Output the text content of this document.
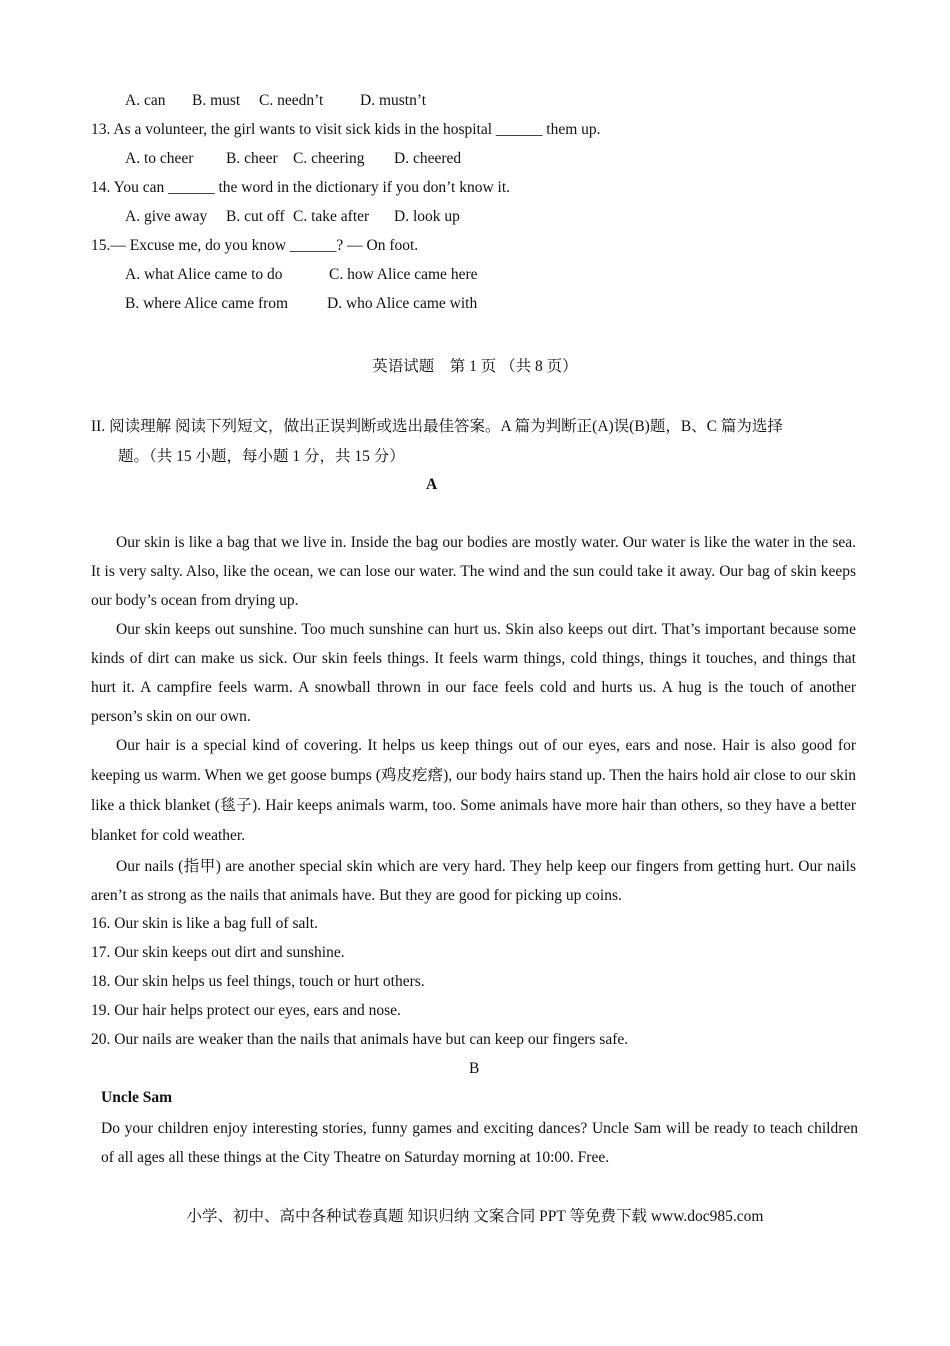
A. can B. must C. needn’t D. mustn’t
13. As a volunteer, the girl wants to visit sick kids in the hospital ______ them up.
A. to cheer B. cheer C. cheering D. cheered
14. You can ______ the word in the dictionary if you don’t know it.
A. give away B. cut off C. take after D. look up
15.— Excuse me, do you know ______? — On foot.
A. what Alice came to do	C. how Alice came here
B. where Alice came from	D. who Alice came with
英语试题　第 1 页 （共 8 页）
II. 阅读理解 阅读下列短文，做出正误判断或选出最佳答案。A 篇为判断正(A)误(B)题，B、C 篇为选择
题。（共 15 小题，每小题 1 分，共 15 分）
A
Our skin is like a bag that we live in. Inside the bag our bodies are mostly water. Our water is like the water in the sea. It is very salty. Also, like the ocean, we can lose our water. The wind and the sun could take it away. Our bag of skin keeps our body’s ocean from drying up.
Our skin keeps out sunshine. Too much sunshine can hurt us. Skin also keeps out dirt. That’s important because some kinds of dirt can make us sick. Our skin feels things. It feels warm things, cold things, things it touches, and things that hurt it. A campfire feels warm. A snowball thrown in our face feels cold and hurts us. A hug is the touch of another person’s skin on our own.
Our hair is a special kind of covering. It helps us keep things out of our eyes, ears and nose. Hair is also good for keeping us warm. When we get goose bumps (鸡皮疙瘩), our body hairs stand up. Then the hairs hold air close to our skin like a thick blanket (毯子). Hair keeps animals warm, too. Some animals have more hair than others, so they have a better blanket for cold weather.
Our nails (指甲) are another special skin which are very hard. They help keep our fingers from getting hurt. Our nails aren’t as strong as the nails that animals have. But they are good for picking up coins.
16. Our skin is like a bag full of salt.
17. Our skin keeps out dirt and sunshine.
18. Our skin helps us feel things, touch or hurt others.
19. Our hair helps protect our eyes, ears and nose.
20. Our nails are weaker than the nails that animals have but can keep our fingers safe.
B
Uncle Sam
Do your children enjoy interesting stories, funny games and exciting dances? Uncle Sam will be ready to teach children of all ages all these things at the City Theatre on Saturday morning at 10:00. Free.
小学、初中、高中各种试卷真题 知识归纳 文案合同 PPT 等免费下载 www.doc985.com
